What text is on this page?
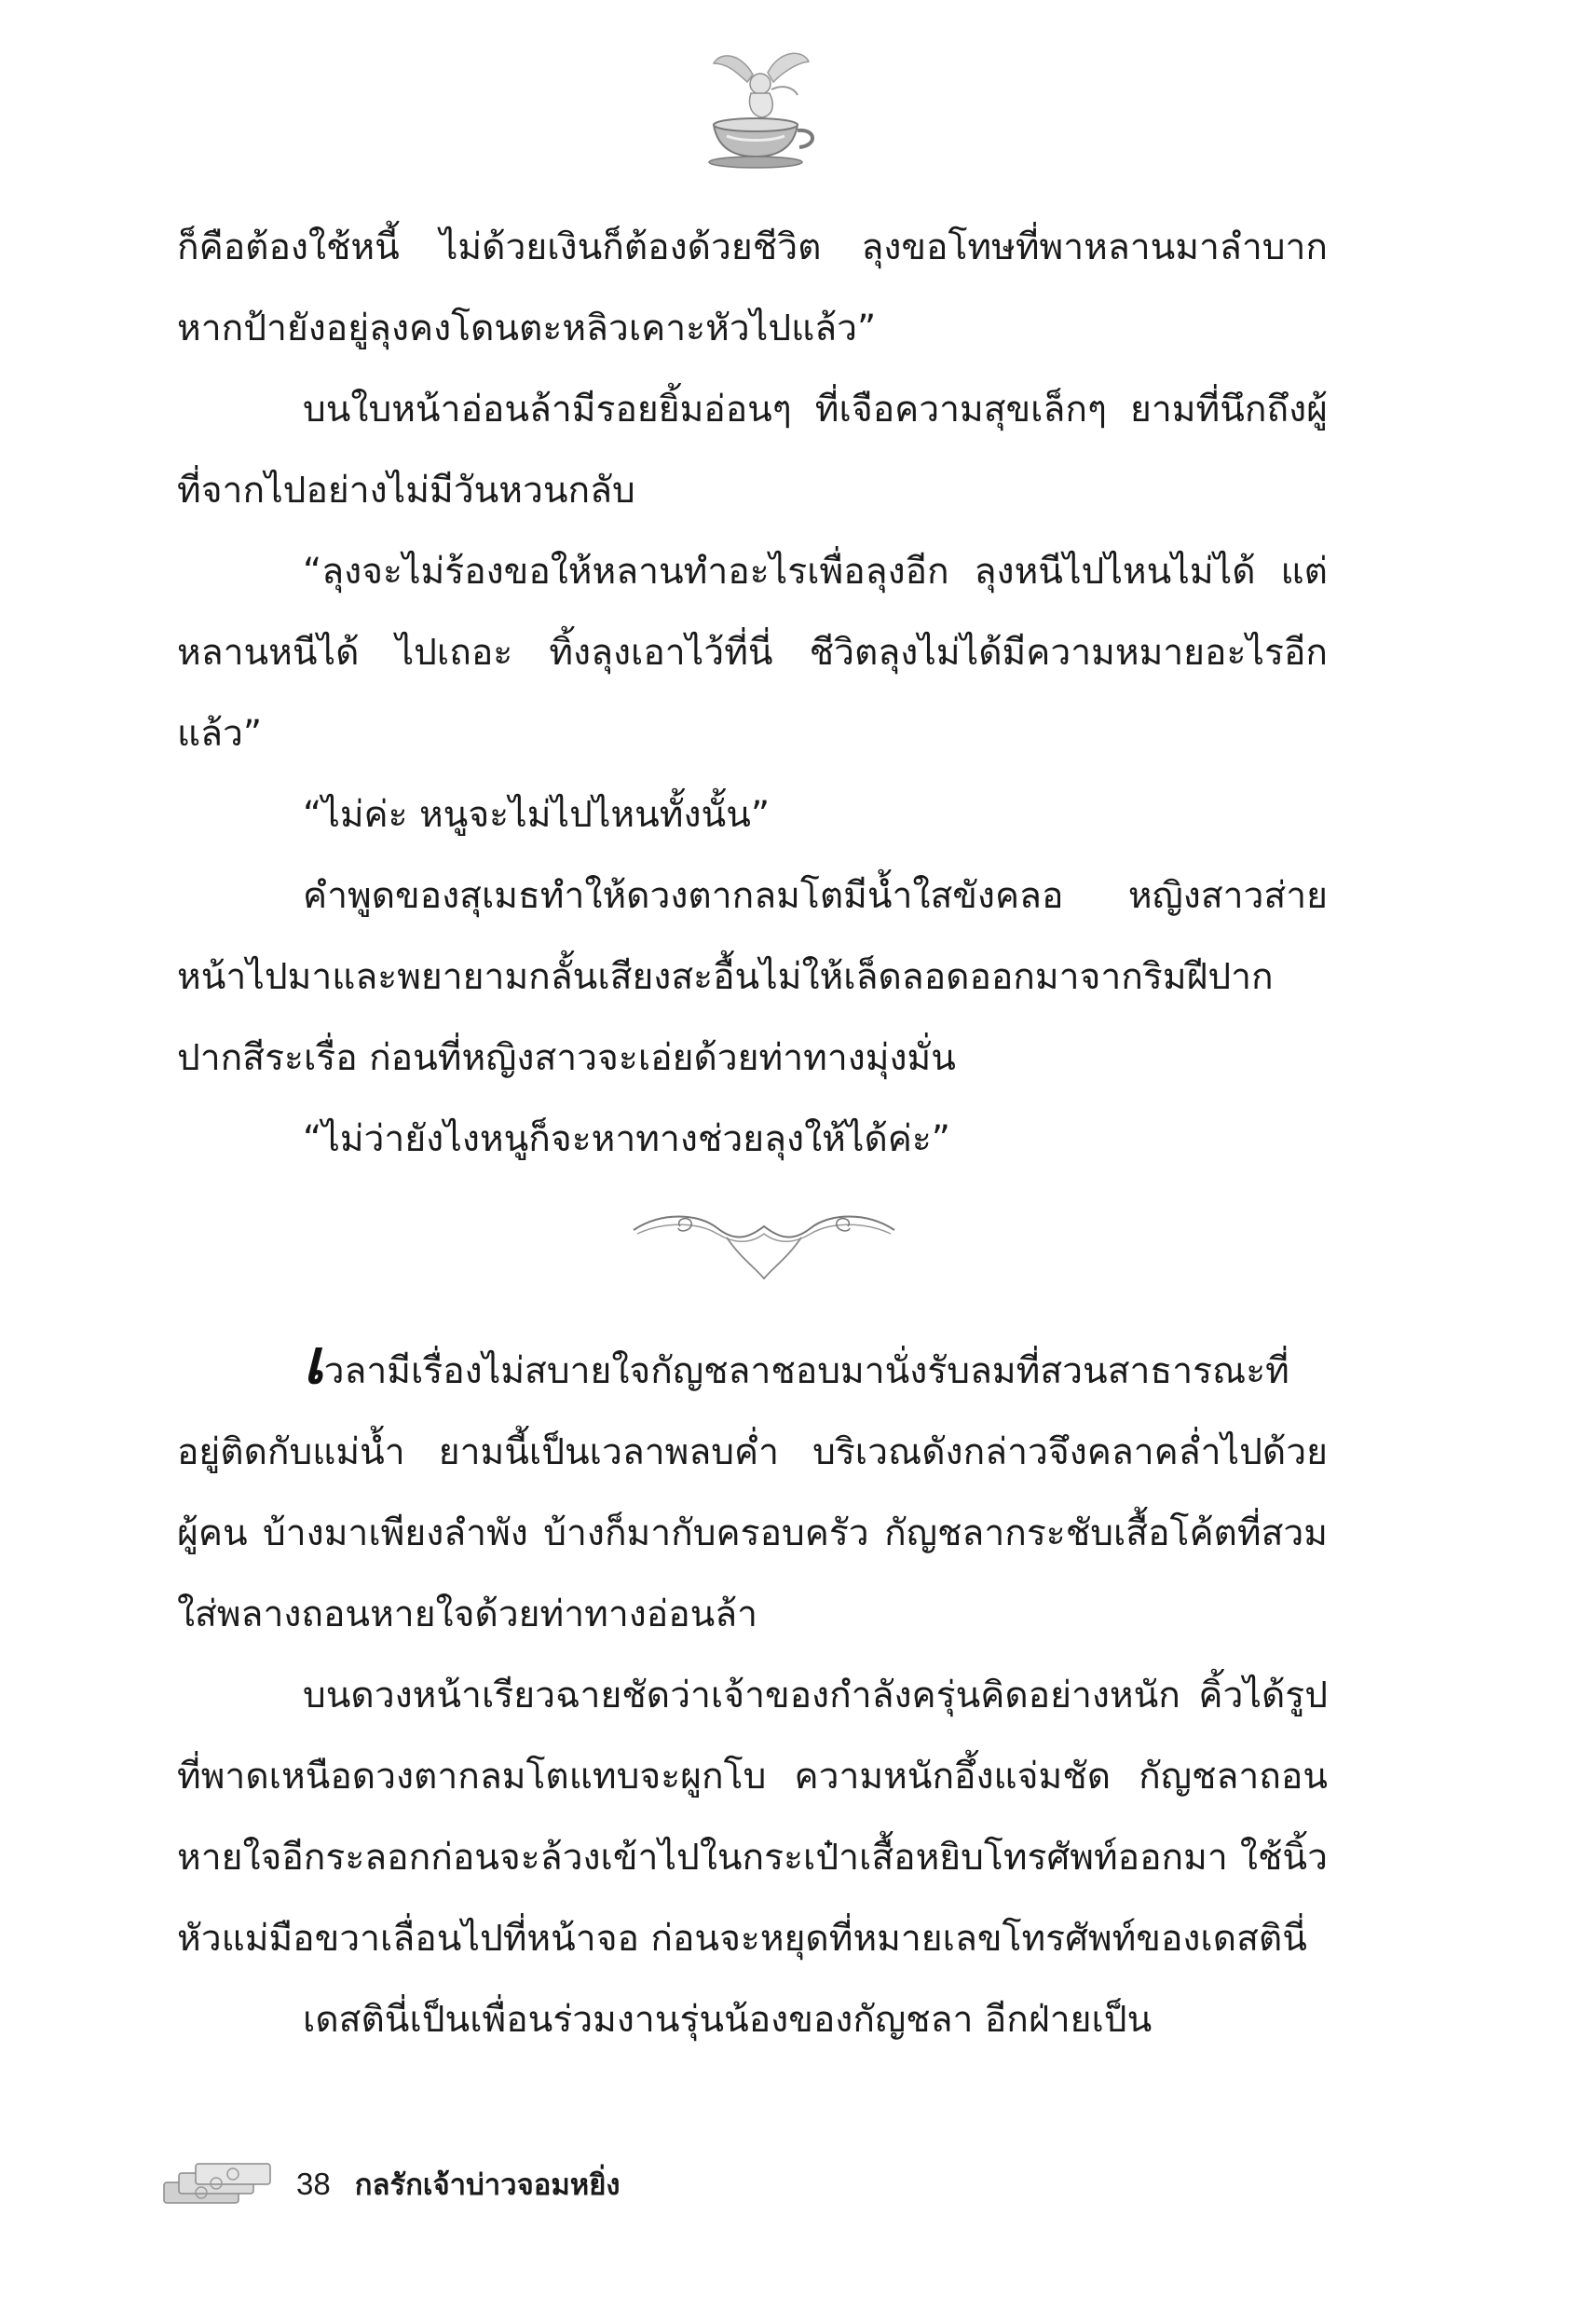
ก็คือต้องใช้หนี้ ไม่ด้วยเงินก็ต้องด้วยชีวิต ลุงขอโทษที่พาหลานมาลำบาก หากป้ายังอยู่ลุงคงโดนตะหลิวเคาะหัวไปแล้ว”

บนใบหน้าอ่อนล้ามีรอยยิ้มอ่อนๆ ที่เจือความสุขเล็กๆ ยามที่นึกถึงผู้ที่จากไปอย่างไม่มีวันหวนกลับ

“ลุงจะไม่ร้องขอให้หลานทำอะไรเพื่อลุงอีก ลุงหนีไปไหนไม่ได้ แต่หลานหนีได้ ไปเถอะ ทิ้งลุงเอาไว้ที่นี่ ชีวิตลุงไม่ได้มีความหมายอะไรอีกแล้ว”

“ไม่ค่ะ หนูจะไม่ไปไหนทั้งนั้น”

คำพูดของสุเมธทำให้ดวงตากลมโตมีน้ำใสขังคลอ หญิงสาวส่ายหน้าไปมาและพยายามกลั้นเสียงสะอื้นไม่ให้เล็ดลอดออกมาจากริมฝีปากปากสีระเรื่อ ก่อนที่หญิงสาวจะเอ่ยด้วยท่าทางมุ่งมั่น

“ไม่ว่ายังไงหนูก็จะหาทางช่วยลุงให้ได้ค่ะ”

เวลามีเรื่องไม่สบายใจกัญชลาชอบมานั่งรับลมที่สวนสาธารณะที่อยู่ติดกับแม่น้ำ ยามนี้เป็นเวลาพลบค่ำ บริเวณดังกล่าวจึงคลาคล่ำไปด้วยผู้คน บ้างมาเพียงลำพัง บ้างก็มากับครอบครัว กัญชลากระชับเสื้อโค้ตที่สวมใส่พลางถอนหายใจด้วยท่าทางอ่อนล้า

บนดวงหน้าเรียวฉายชัดว่าเจ้าของกำลังครุ่นคิดอย่างหนัก คิ้วได้รูปที่พาดเหนือดวงตากลมโตแทบจะผูกโบ ความหนักอึ้งแจ่มชัด กัญชลาถอนหายใจอีกระลอกก่อนจะล้วงเข้าไปในกระเป๋าเสื้อหยิบโทรศัพท์ออกมา ใช้นิ้วหัวแม่มือขวาเลื่อนไปที่หน้าจอ ก่อนจะหยุดที่หมายเลขโทรศัพท์ของเดสตินี่

เดสตินี่เป็นเพื่อนร่วมงานรุ่นน้องของกัญชลา อีกฝ่ายเป็น

38 กลรักเจ้าบ่าวจอมหยิ่ง
